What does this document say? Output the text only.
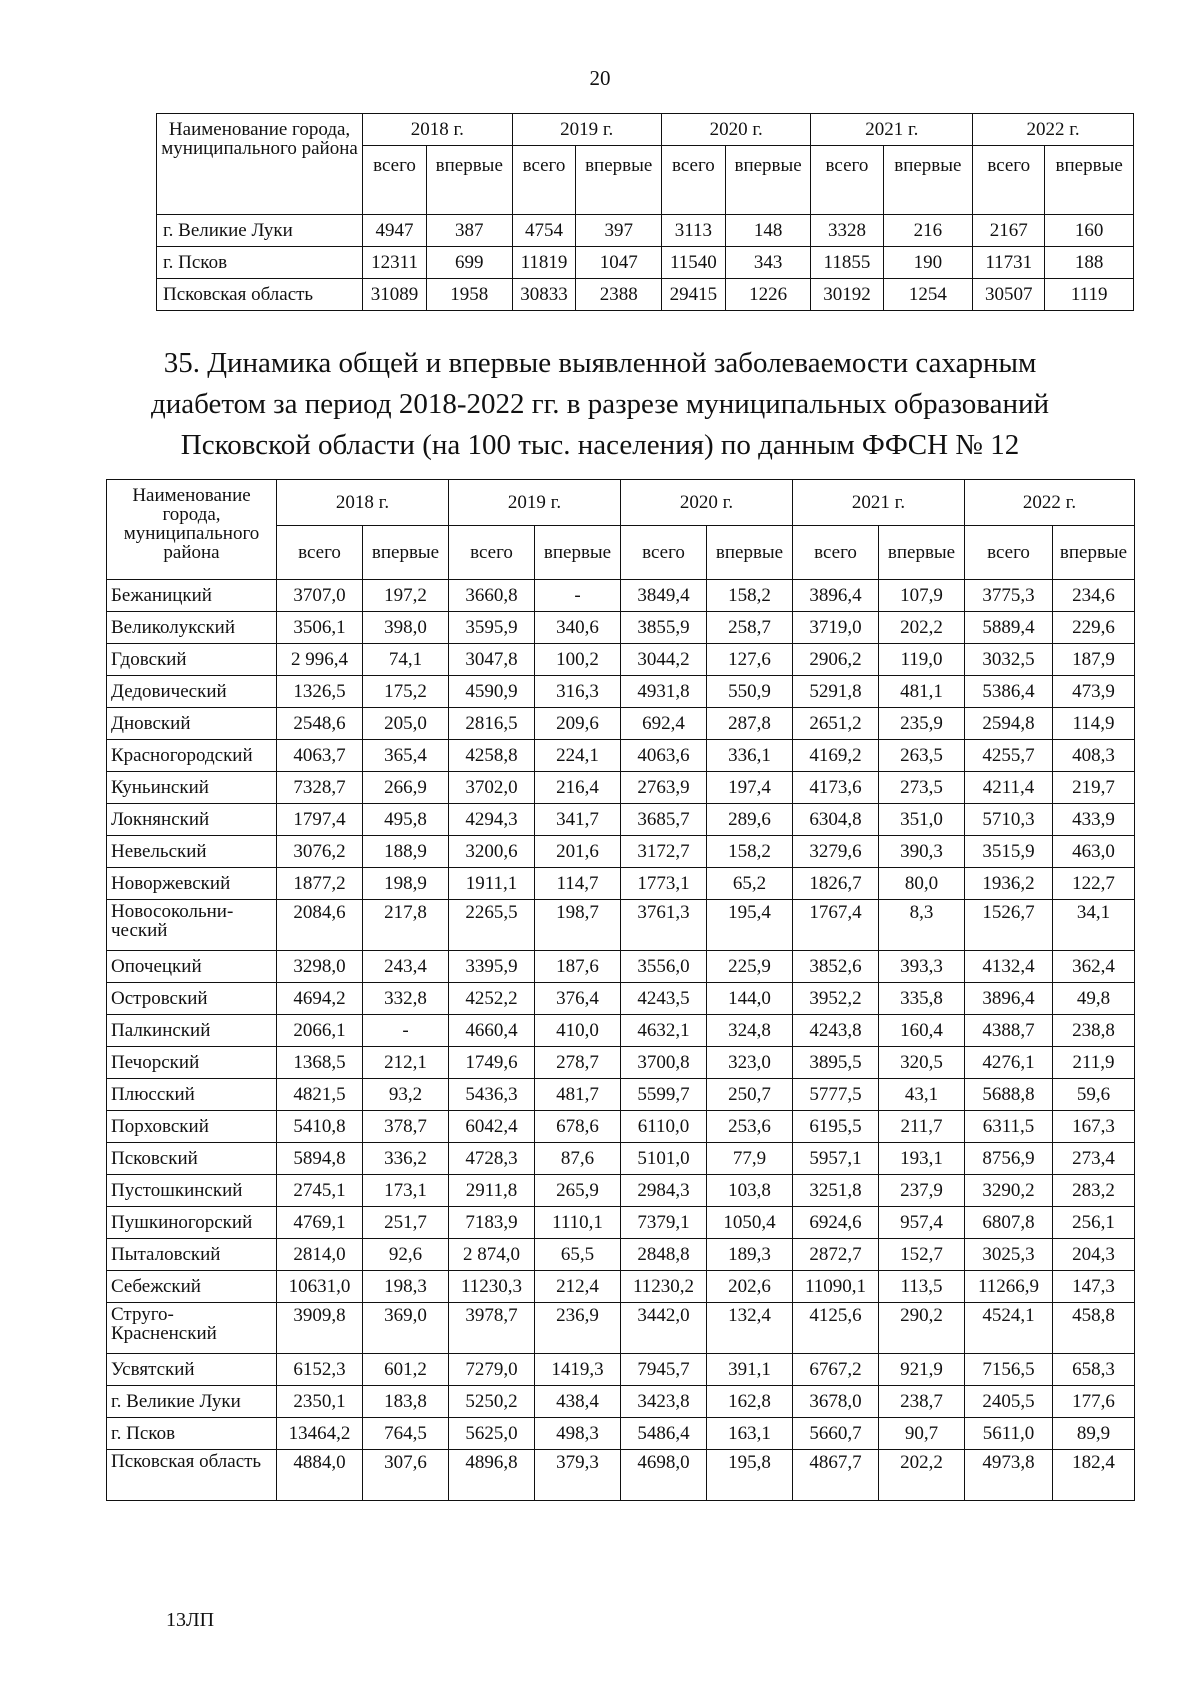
20
Наименование города, муниципального района	2018 г.		2019 г.		2020 г.		2021 г.		2022 г.	
	всего	впервые	всего	впервые	всего	впервые	всего	впервые	всего	впервые
г. Великие Луки	4947	387	4754	397	3113	148	3328	216	2167	160
г. Псков	12311	699	11819	1047	11540	343	11855	190	11731	188
Псковская область	31089	1958	30833	2388	29415	1226	30192	1254	30507	1119
35. Динамика общей и впервые выявленной заболеваемости сахарным
диабетом за период 2018-2022 гг. в разрезе муниципальных образований
Псковской области (на 100 тыс. населения) по данным ФФСН № 12
Наименование города, муниципального района	2018 г.		2019 г.		2020 г.		2021 г.		2022 г.	
	всего	впервые	всего	впервые	всего	впервые	всего	впервые	всего	впервые
Бежаницкий	3707,0	197,2	3660,8	-	3849,4	158,2	3896,4	107,9	3775,3	234,6
Великолукский	3506,1	398,0	3595,9	340,6	3855,9	258,7	3719,0	202,2	5889,4	229,6
Гдовский	2 996,4	74,1	3047,8	100,2	3044,2	127,6	2906,2	119,0	3032,5	187,9
Дедовичеcкий	1326,5	175,2	4590,9	316,3	4931,8	550,9	5291,8	481,1	5386,4	473,9
Дновский	2548,6	205,0	2816,5	209,6	692,4	287,8	2651,2	235,9	2594,8	114,9
Красногородский	4063,7	365,4	4258,8	224,1	4063,6	336,1	4169,2	263,5	4255,7	408,3
Куньинский	7328,7	266,9	3702,0	216,4	2763,9	197,4	4173,6	273,5	4211,4	219,7
Локнянский	1797,4	495,8	4294,3	341,7	3685,7	289,6	6304,8	351,0	5710,3	433,9
Невельский	3076,2	188,9	3200,6	201,6	3172,7	158,2	3279,6	390,3	3515,9	463,0
Новоржевский	1877,2	198,9	1911,1	114,7	1773,1	65,2	1826,7	80,0	1936,2	122,7
Новосокольни-ческий	2084,6	217,8	2265,5	198,7	3761,3	195,4	1767,4	8,3	1526,7	34,1
Опочецкий	3298,0	243,4	3395,9	187,6	3556,0	225,9	3852,6	393,3	4132,4	362,4
Островский	4694,2	332,8	4252,2	376,4	4243,5	144,0	3952,2	335,8	3896,4	49,8
Палкинский	2066,1	-	4660,4	410,0	4632,1	324,8	4243,8	160,4	4388,7	238,8
Печорский	1368,5	212,1	1749,6	278,7	3700,8	323,0	3895,5	320,5	4276,1	211,9
Плюсский	4821,5	93,2	5436,3	481,7	5599,7	250,7	5777,5	43,1	5688,8	59,6
Порховский	5410,8	378,7	6042,4	678,6	6110,0	253,6	6195,5	211,7	6311,5	167,3
Псковский	5894,8	336,2	4728,3	87,6	5101,0	77,9	5957,1	193,1	8756,9	273,4
Пустошкинский	2745,1	173,1	2911,8	265,9	2984,3	103,8	3251,8	237,9	3290,2	283,2
Пушкиногорский	4769,1	251,7	7183,9	1110,1	7379,1	1050,4	6924,6	957,4	6807,8	256,1
Пыталовский	2814,0	92,6	2 874,0	65,5	2848,8	189,3	2872,7	152,7	3025,3	204,3
Себежский	10631,0	198,3	11230,3	212,4	11230,2	202,6	11090,1	113,5	11266,9	147,3
Струго-Красненский	3909,8	369,0	3978,7	236,9	3442,0	132,4	4125,6	290,2	4524,1	458,8
Усвятский	6152,3	601,2	7279,0	1419,3	7945,7	391,1	6767,2	921,9	7156,5	658,3
г. Великие Луки	2350,1	183,8	5250,2	438,4	3423,8	162,8	3678,0	238,7	2405,5	177,6
г. Псков	13464,2	764,5	5625,0	498,3	5486,4	163,1	5660,7	90,7	5611,0	89,9
Псковская область	4884,0	307,6	4896,8	379,3	4698,0	195,8	4867,7	202,2	4973,8	182,4
13ЛП
